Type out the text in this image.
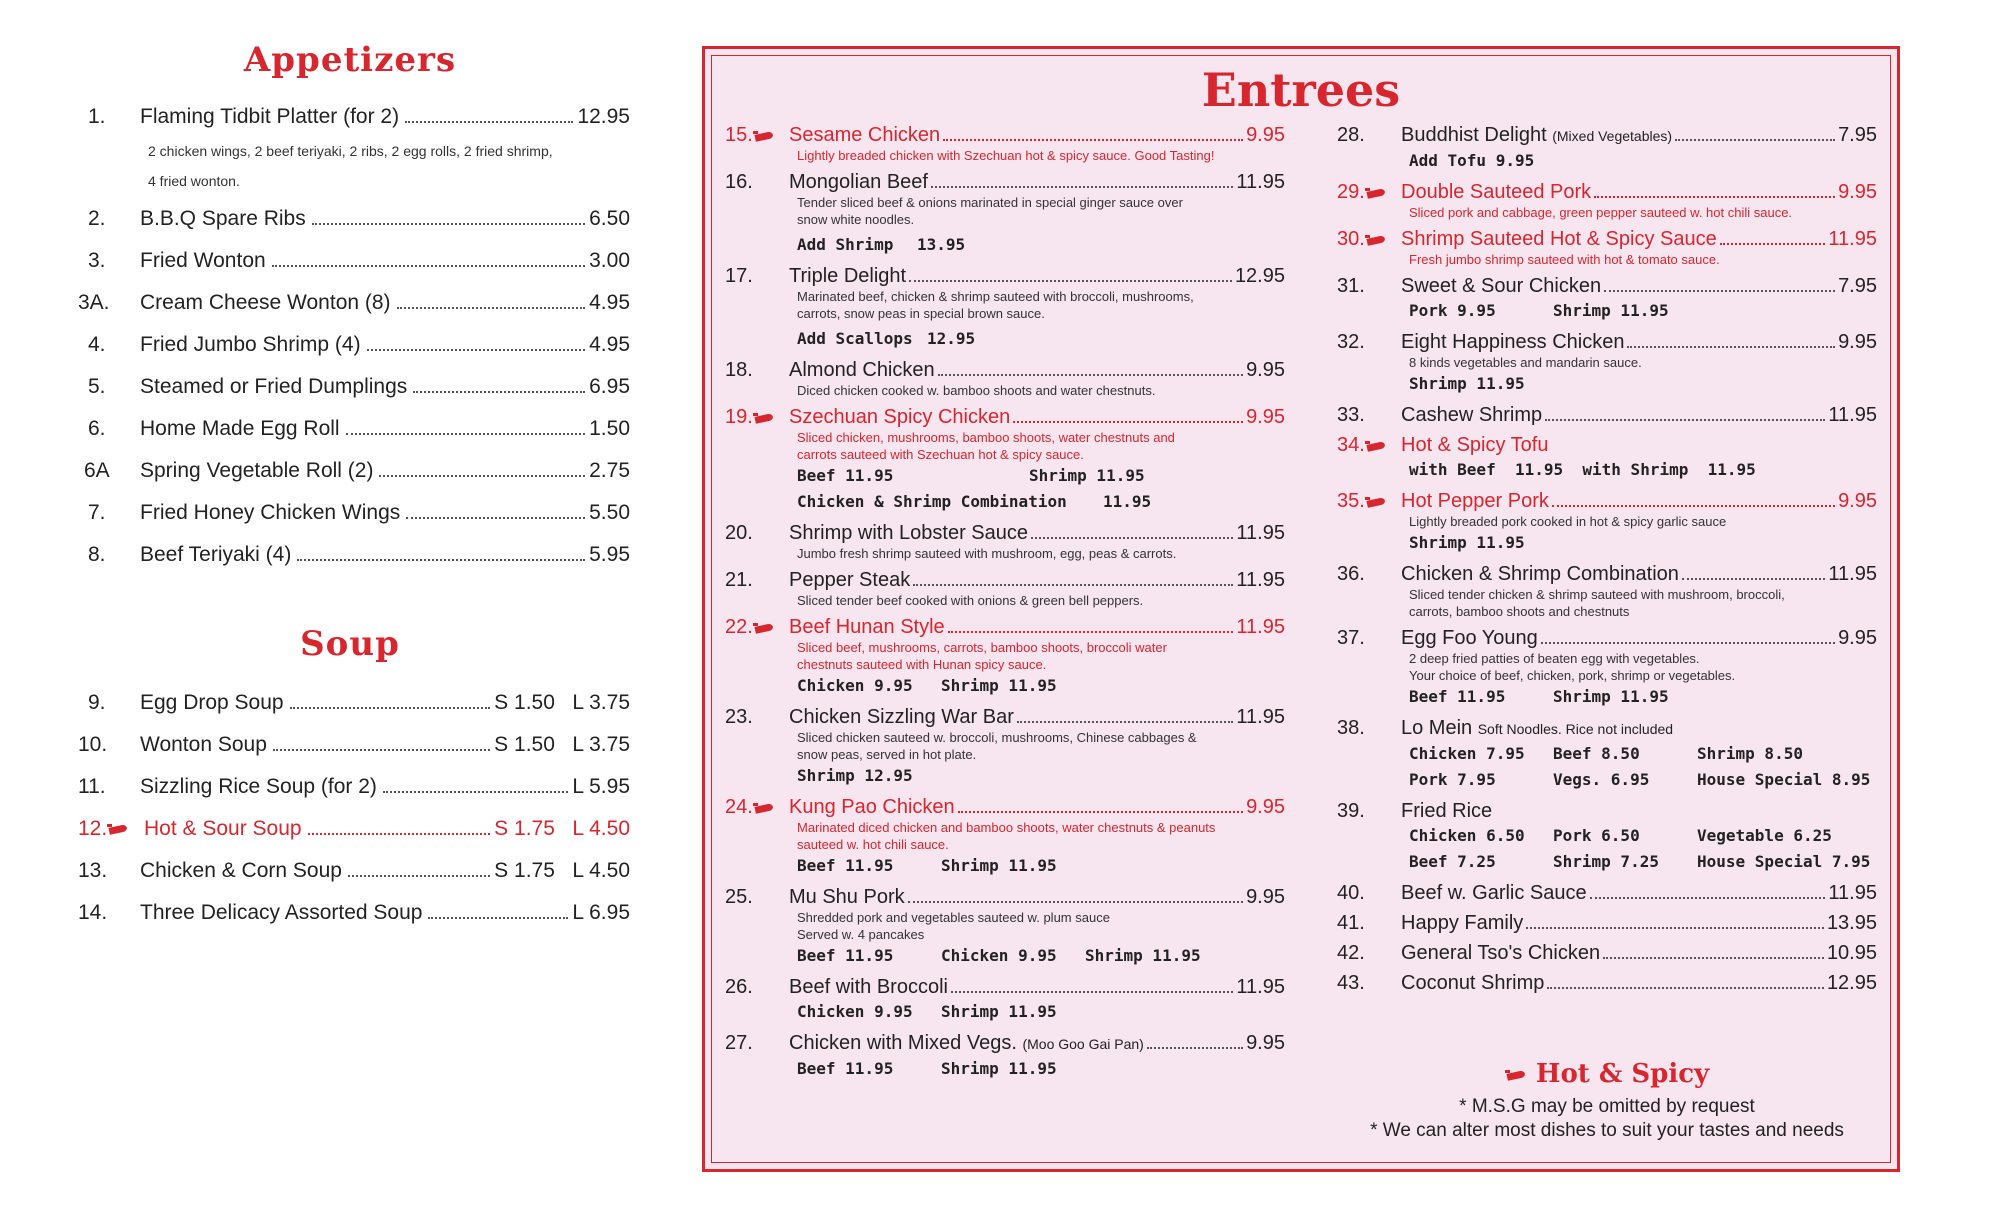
Appetizers
1.	Flaming Tidbit Platter (for 2)	12.95
2 chicken wings, 2 beef teriyaki, 2 ribs, 2 egg rolls, 2 fried shrimp,
4 fried wonton.
2.	B.B.Q Spare Ribs	6.50
3.	Fried Wonton	3.00
3A.	Cream Cheese Wonton (8)	4.95
4.	Fried Jumbo Shrimp (4)	4.95
5.	Steamed or Fried Dumplings	6.95
6.	Home Made Egg Roll	1.50
6A	Spring Vegetable Roll (2)	2.75
7.	Fried Honey Chicken Wings	5.50
8.	Beef Teriyaki (4)	5.95
Soup
9.	Egg Drop Soup	S 1.50   L 3.75
10.	Wonton Soup	S 1.50   L 3.75
11.	Sizzling Rice Soup (for 2)	L 5.95
12.	Hot & Sour Soup	S 1.75   L 4.50
13.	Chicken & Corn Soup	S 1.75   L 4.50
14.	Three Delicacy Assorted Soup	L 6.95
Entrees
15.	Sesame Chicken	9.95
Lightly breaded chicken with Szechuan hot & spicy sauce. Good Tasting!
16.	Mongolian Beef	11.95
Tender sliced beef & onions marinated in special ginger sauce over snow white noodles.
Add Shrimp	13.95
17.	Triple Delight	12.95
Marinated beef, chicken & shrimp sauteed with broccoli, mushrooms, carrots, snow peas in special brown sauce.
Add Scallops 12.95
18.	Almond Chicken	9.95
Diced chicken cooked w. bamboo shoots and water chestnuts.
19.	Szechuan Spicy Chicken	9.95
Sliced chicken, mushrooms, bamboo shoots, water chestnuts and carrots sauteed with Szechuan hot & spicy sauce.
Beef 11.95	Shrimp 11.95
Chicken & Shrimp Combination	11.95
20.	Shrimp with Lobster Sauce	11.95
Jumbo fresh shrimp sauteed with mushroom, egg, peas & carrots.
21.	Pepper Steak	11.95
Sliced tender beef cooked with onions & green bell peppers.
22.	Beef Hunan Style	11.95
Sliced beef, mushrooms, carrots, bamboo shoots, broccoli water chestnuts sauteed with Hunan spicy sauce.
Chicken 9.95	Shrimp 11.95
23.	Chicken Sizzling War Bar	11.95
Sliced chicken sauteed w. broccoli, mushrooms, Chinese cabbages & snow peas, served in hot plate.
Shrimp 12.95
24.	Kung Pao Chicken	9.95
Marinated diced chicken and bamboo shoots, water chestnuts & peanuts sauteed w. hot chili sauce.
Beef 11.95	Shrimp 11.95
25.	Mu Shu Pork	9.95
Shredded pork and vegetables sauteed w. plum sauce
Served w. 4 pancakes
Beef 11.95	Chicken 9.95	Shrimp 11.95
26.	Beef with Broccoli	11.95
Chicken 9.95	Shrimp 11.95
27.	Chicken with Mixed Vegs. (Moo Goo Gai Pan)	9.95
Beef 11.95	Shrimp 11.95
28.	Buddhist Delight (Mixed Vegetables)	7.95
Add Tofu 9.95
29.	Double Sauteed Pork	9.95
Sliced pork and cabbage, green pepper sauteed w. hot chili sauce.
30.	Shrimp Sauteed Hot & Spicy Sauce	11.95
Fresh jumbo shrimp sauteed with hot & tomato sauce.
31.	Sweet & Sour Chicken	7.95
Pork 9.95	Shrimp 11.95
32.	Eight Happiness Chicken	9.95
8 kinds vegetables and mandarin sauce.
Shrimp 11.95
33.	Cashew Shrimp	11.95
34.	Hot & Spicy Tofu
with Beef  11.95  with Shrimp  11.95
35.	Hot Pepper Pork	9.95
Lightly breaded pork cooked in hot & spicy garlic sauce
Shrimp 11.95
36.	Chicken & Shrimp Combination	11.95
Sliced tender chicken & shrimp sauteed with mushroom, broccoli, carrots, bamboo shoots and chestnuts
37.	Egg Foo Young	9.95
2 deep fried patties of beaten egg with vegetables.
Your choice of beef, chicken, pork, shrimp or vegetables.
Beef 11.95	Shrimp 11.95
38.	Lo Mein Soft Noodles. Rice not included
Chicken 7.95	Beef 8.50	Shrimp 8.50
Pork 7.95	Vegs. 6.95	House Special 8.95
39.	Fried Rice
Chicken 6.50	Pork 6.50	Vegetable 6.25
Beef 7.25	Shrimp 7.25	House Special 7.95
40.	Beef w. Garlic Sauce	11.95
41.	Happy Family	13.95
42.	General Tso's Chicken	10.95
43.	Coconut Shrimp	12.95
Hot & Spicy
* M.S.G may be omitted by request
* We can alter most dishes to suit your tastes and needs
